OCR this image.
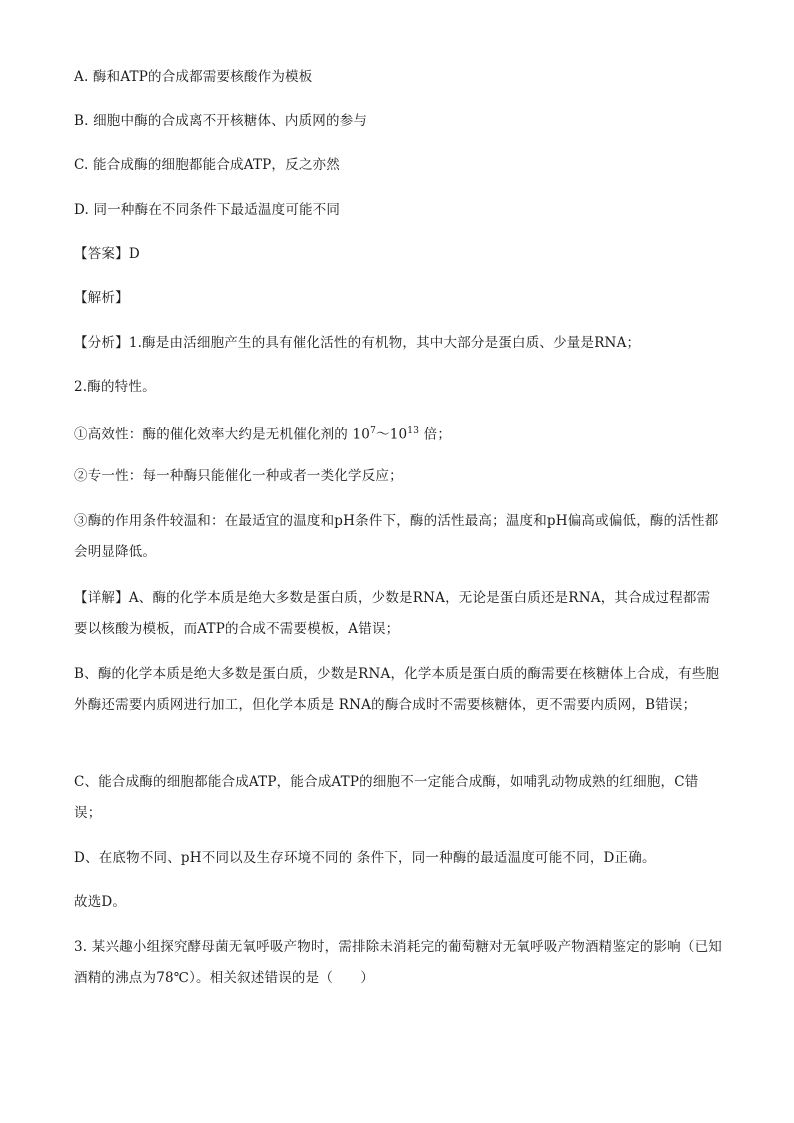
A. 酶和ATP的合成都需要核酸作为模板
B. 细胞中酶的合成离不开核糖体、内质网的参与
C. 能合成酶的细胞都能合成ATP，反之亦然
D. 同一种酶在不同条件下最适温度可能不同
【答案】D
【解析】
【分析】1.酶是由活细胞产生的具有催化活性的有机物，其中大部分是蛋白质、少量是RNA；
2.酶的特性。
①高效性：酶的催化效率大约是无机催化剂的 $10^7\sim 10^{13}$ 倍；
②专一性：每一种酶只能催化一种或者一类化学反应；
③酶的作用条件较温和：在最适宜的温度和pH条件下，酶的活性最高；温度和pH偏高或偏低，酶的活性都会明显降低。
【详解】A、酶的化学本质是绝大多数是蛋白质，少数是RNA，无论是蛋白质还是RNA，其合成过程都需要以核酸为模板，而ATP的合成不需要模板，A错误；
B、酶的化学本质是绝大多数是蛋白质，少数是RNA，化学本质是蛋白质的酶需要在核糖体上合成，有些胞外酶还需要内质网进行加工，但化学本质是 RNA的酶合成时不需要核糖体，更不需要内质网，B错误；
C、能合成酶的细胞都能合成ATP，能合成ATP的细胞不一定能合成酶，如哺乳动物成熟的红细胞，C错误；
D、在底物不同、pH不同以及生存环境不同的 条件下，同一种酶的最适温度可能不同，D正确。
故选D。
3. 某兴趣小组探究酵母菌无氧呼吸产物时，需排除未消耗完的葡萄糖对无氧呼吸产物酒精鉴定的影响（已知酒精的沸点为78℃）。相关叙述错误的是（　　）
